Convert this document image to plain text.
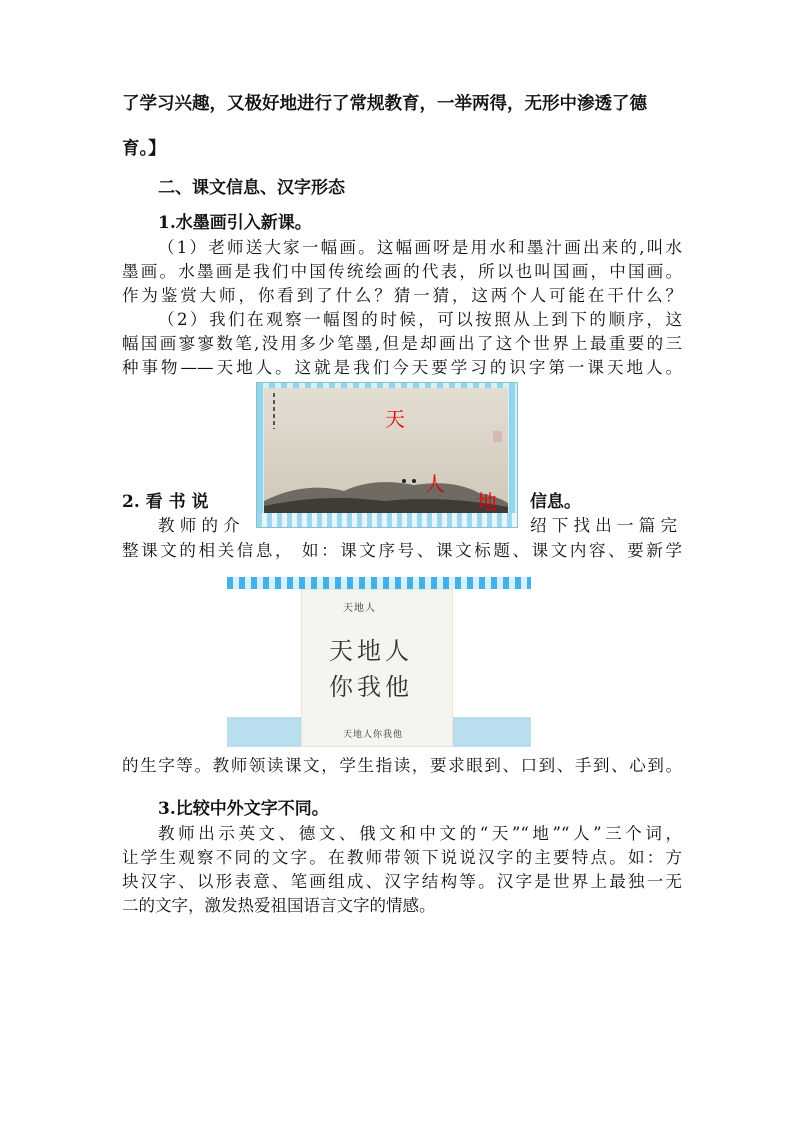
了学习兴趣，又极好地进行了常规教育，一举两得，无形中渗透了德
育。】
二、课文信息、汉字形态
1.水墨画引入新课。
（1）老师送大家一幅画。这幅画呀是用水和墨汁画出来的,叫水
墨画。水墨画是我们中国传统绘画的代表，所以也叫国画，中国画。
作为鉴赏大师，你看到了什么？猜一猜，这两个人可能在干什么？
（2）我们在观察一幅图的时候，可以按照从上到下的顺序，这
幅国画寥寥数笔,没用多少笔墨,但是却画出了这个世界上最重要的三
种事物——天地人。这就是我们今天要学习的识字第一课天地人。
天
人
地
2. 看 书 说	信息。
教 师 的 介	绍 下 找 出 一 篇 完
整课文的相关信息， 如：课文序号、课文标题、课文内容、要新学
天地人
天地人
你我他
天地人你我他
的生字等。教师领读课文，学生指读，要求眼到、口到、手到、心到。
3.比较中外文字不同。
教师出示英文、德文、俄文和中文的“天”“地”“人”三个词，
让学生观察不同的文字。在教师带领下说说汉字的主要特点。如：方
块汉字、以形表意、笔画组成、汉字结构等。汉字是世界上最独一无
二的文字，激发热爱祖国语言文字的情感。
